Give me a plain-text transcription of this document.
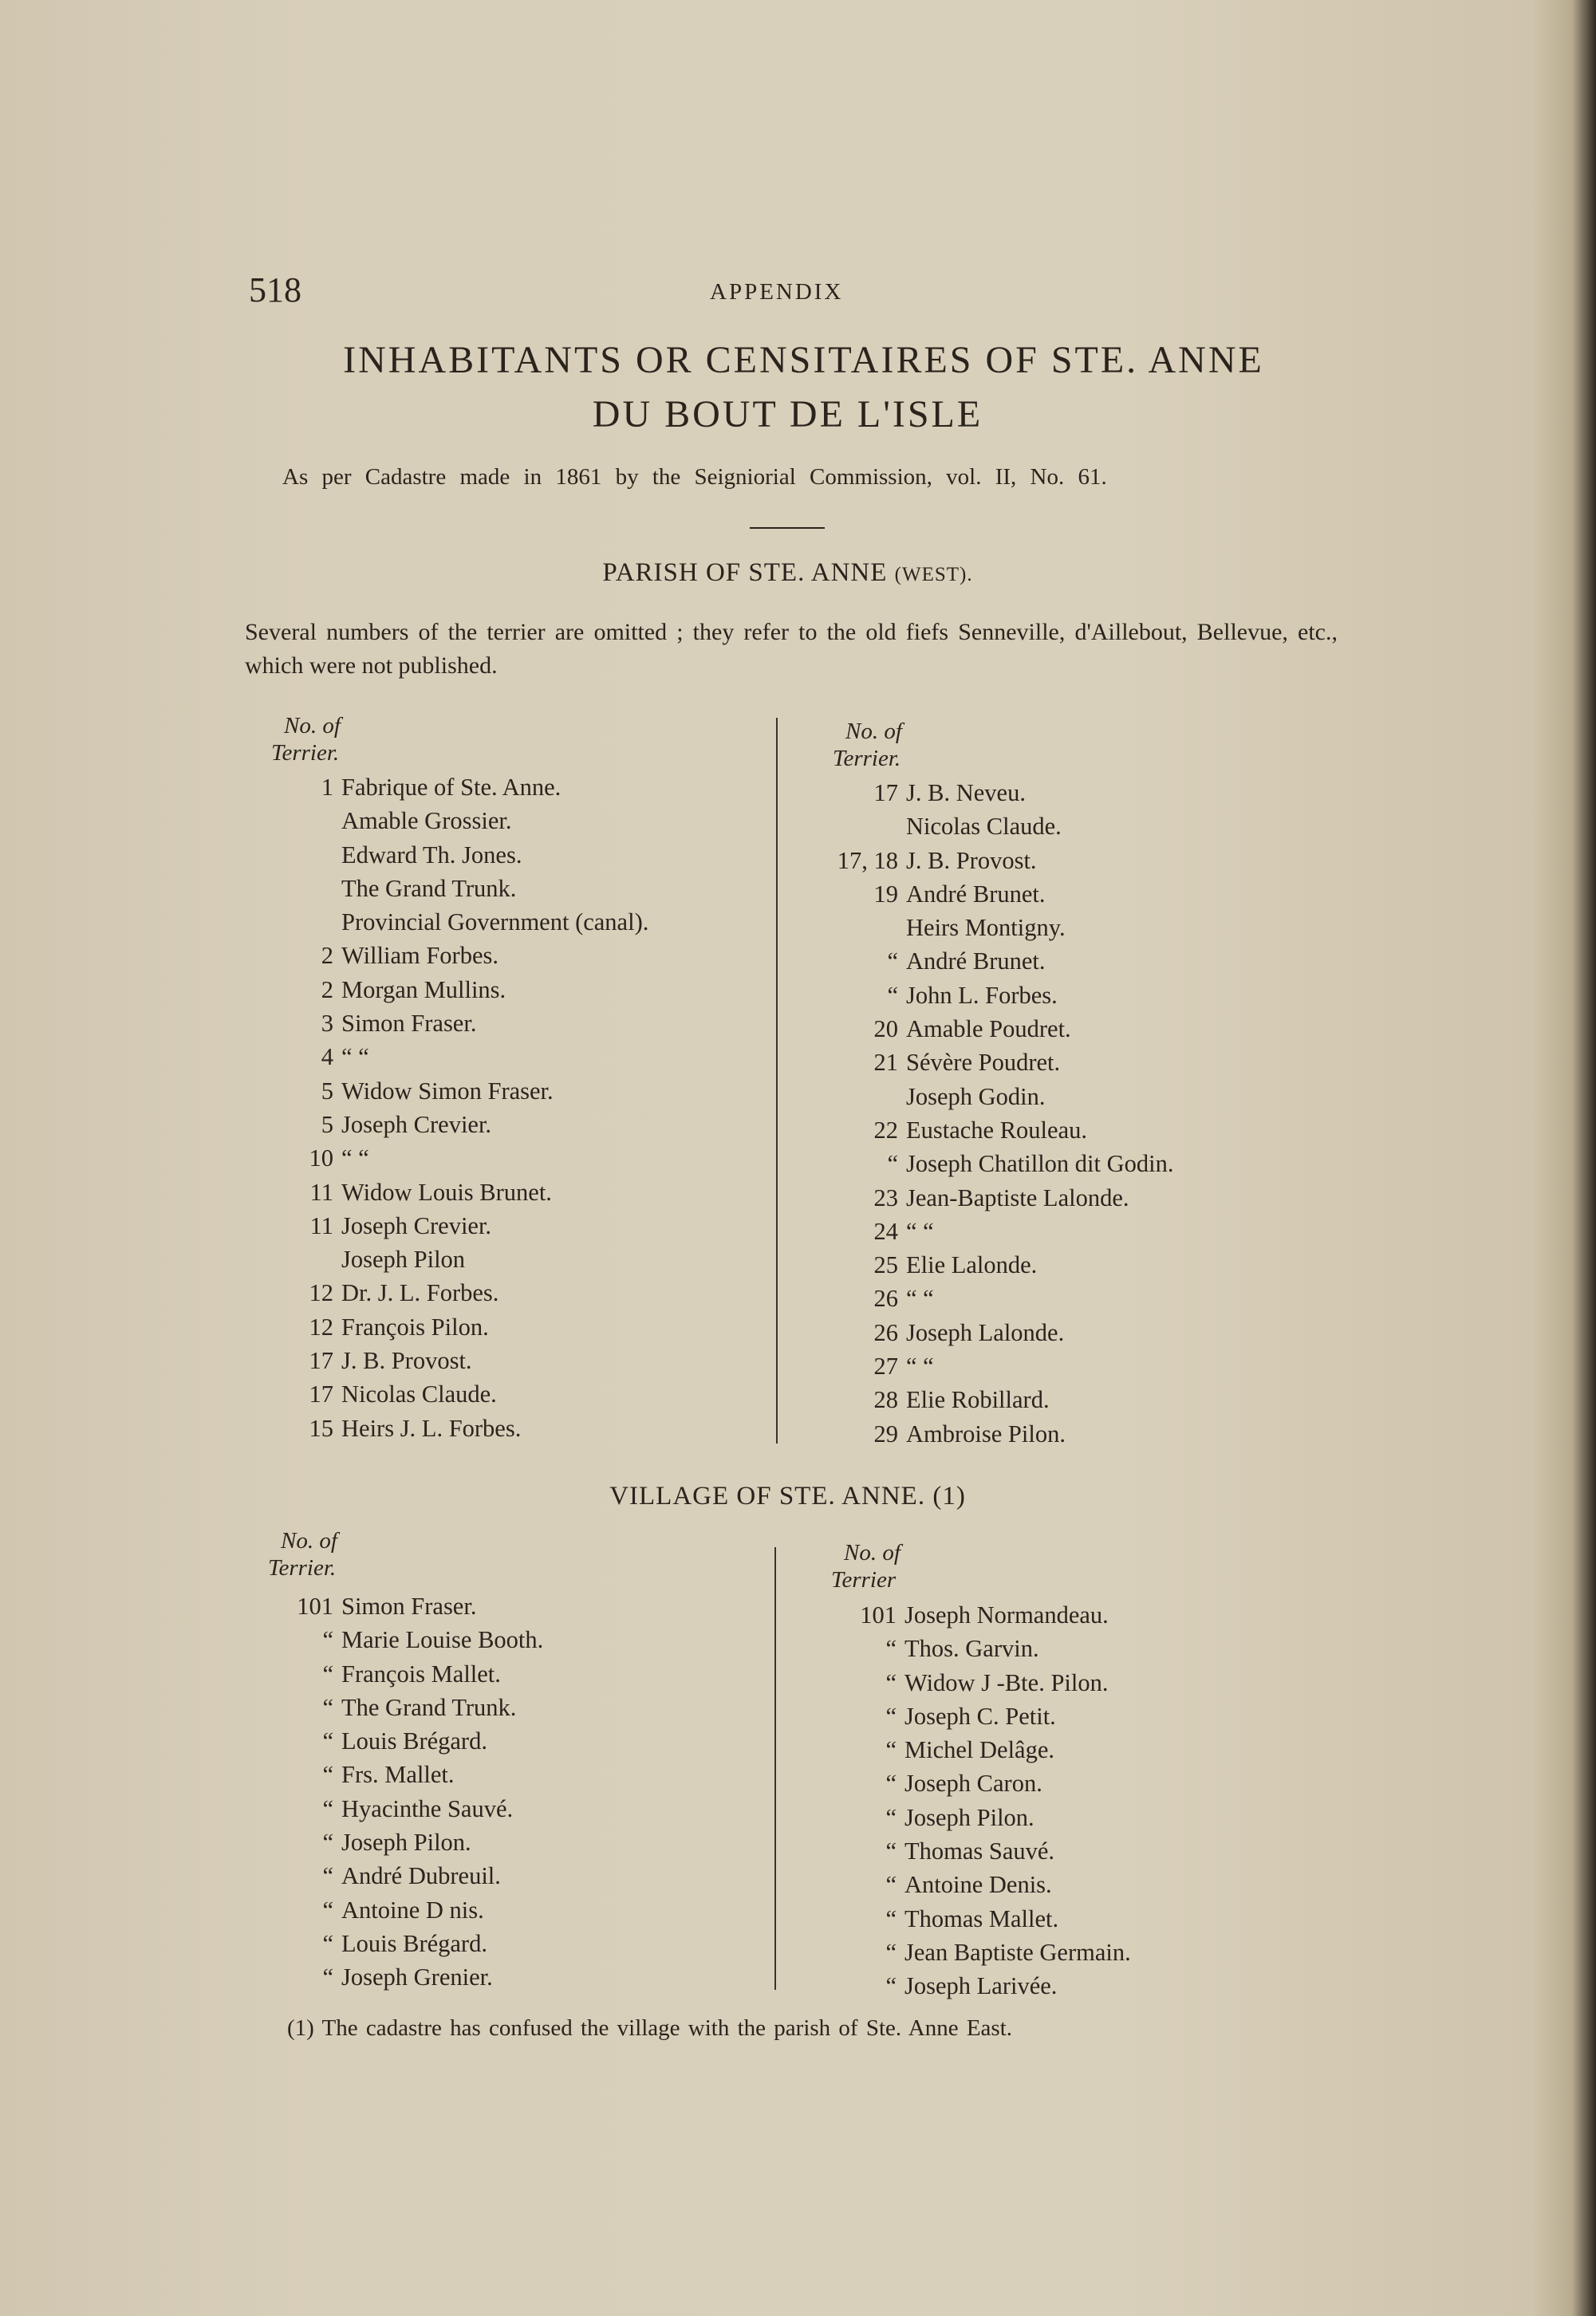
518	APPENDIX
INHABITANTS OR CENSITAIRES OF STE. ANNE
DU BOUT DE L'ISLE
As per Cadastre made in 1861 by the Seigniorial Commission, vol. II, No. 61.
PARISH OF STE. ANNE (WEST).
Several numbers of the terrier are omitted ; they refer to the old fiefs Senneville, d'Aillebout, Bellevue, etc., which were not published.
No. of
Terrier.
1 Fabrique of Ste. Anne.
Amable Grossier.
Edward Th. Jones.
The Grand Trunk.
Provincial Government (canal).
2 William Forbes.
2 Morgan Mullins.
3 Simon Fraser.
4 “ “
5 Widow Simon Fraser.
5 Joseph Crevier.
10 “ “
11 Widow Louis Brunet.
11 Joseph Crevier.
Joseph Pilon
12 Dr. J. L. Forbes.
12 François Pilon.
17 J. B. Provost.
17 Nicolas Claude.
15 Heirs J. L. Forbes.
No. of
Terrier.
17 J. B. Neveu.
Nicolas Claude.
17, 18 J. B. Provost.
19 André Brunet.
Heirs Montigny.
“ André Brunet.
“ John L. Forbes.
20 Amable Poudret.
21 Sévère Poudret.
Joseph Godin.
22 Eustache Rouleau.
“ Joseph Chatillon dit Godin.
23 Jean-Baptiste Lalonde.
24 “ “
25 Elie Lalonde.
26 “ “
26 Joseph Lalonde.
27 “ “
28 Elie Robillard.
29 Ambroise Pilon.
VILLAGE OF STE. ANNE. (1)
No. of
Terrier.
101 Simon Fraser.
“ Marie Louise Booth.
“ François Mallet.
“ The Grand Trunk.
“ Louis Brégard.
“ Frs. Mallet.
“ Hyacinthe Sauvé.
“ Joseph Pilon.
“ André Dubreuil.
“ Antoine D nis.
“ Louis Brégard.
“ Joseph Grenier.
No. of
Terrier
101 Joseph Normandeau.
“ Thos. Garvin.
“ Widow J -Bte. Pilon.
“ Joseph C. Petit.
“ Michel Delâge.
“ Joseph Caron.
“ Joseph Pilon.
“ Thomas Sauvé.
“ Antoine Denis.
“ Thomas Mallet.
“ Jean Baptiste Germain.
“ Joseph Larivée.
(1) The cadastre has confused the village with the parish of Ste. Anne East.
